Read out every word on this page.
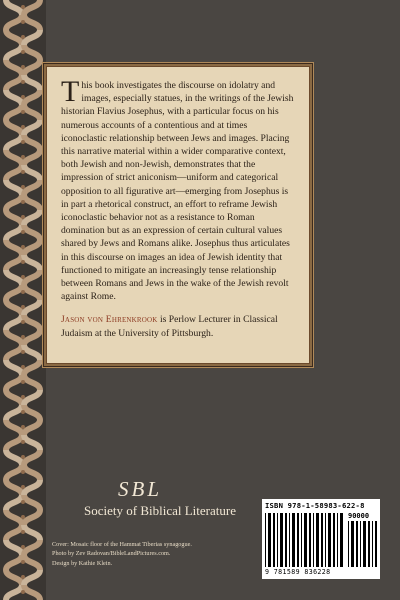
This book investigates the discourse on idolatry and images, especially statues, in the writings of the Jewish historian Flavius Josephus, with a particular focus on his numerous accounts of a contentious and at times iconoclastic relationship between Jews and images. Placing this narrative material within a wider comparative context, both Jewish and non-Jewish, demonstrates that the impression of strict aniconism—uniform and categorical opposition to all figurative art—emerging from Josephus is in part a rhetorical construct, an effort to reframe Jewish iconoclastic behavior not as a resistance to Roman domination but as an expression of certain cultural values shared by Jews and Romans alike. Josephus thus articulates in this discourse on images an idea of Jewish identity that functioned to mitigate an increasingly tense relationship between Romans and Jews in the wake of the Jewish revolt against Rome.

Jason von Ehrenkrook is Perlow Lecturer in Classical Judaism at the University of Pittsburgh.

SBL
Society of Biblical Literature
Cover: Mosaic floor of the Hammat Tiberias synagogue.
Photo by Zev Radovan/BibleLandPictures.com.
Design by Kathie Klein.
ISBN 978-1-58983-622-8
90000
9 781589 836228
